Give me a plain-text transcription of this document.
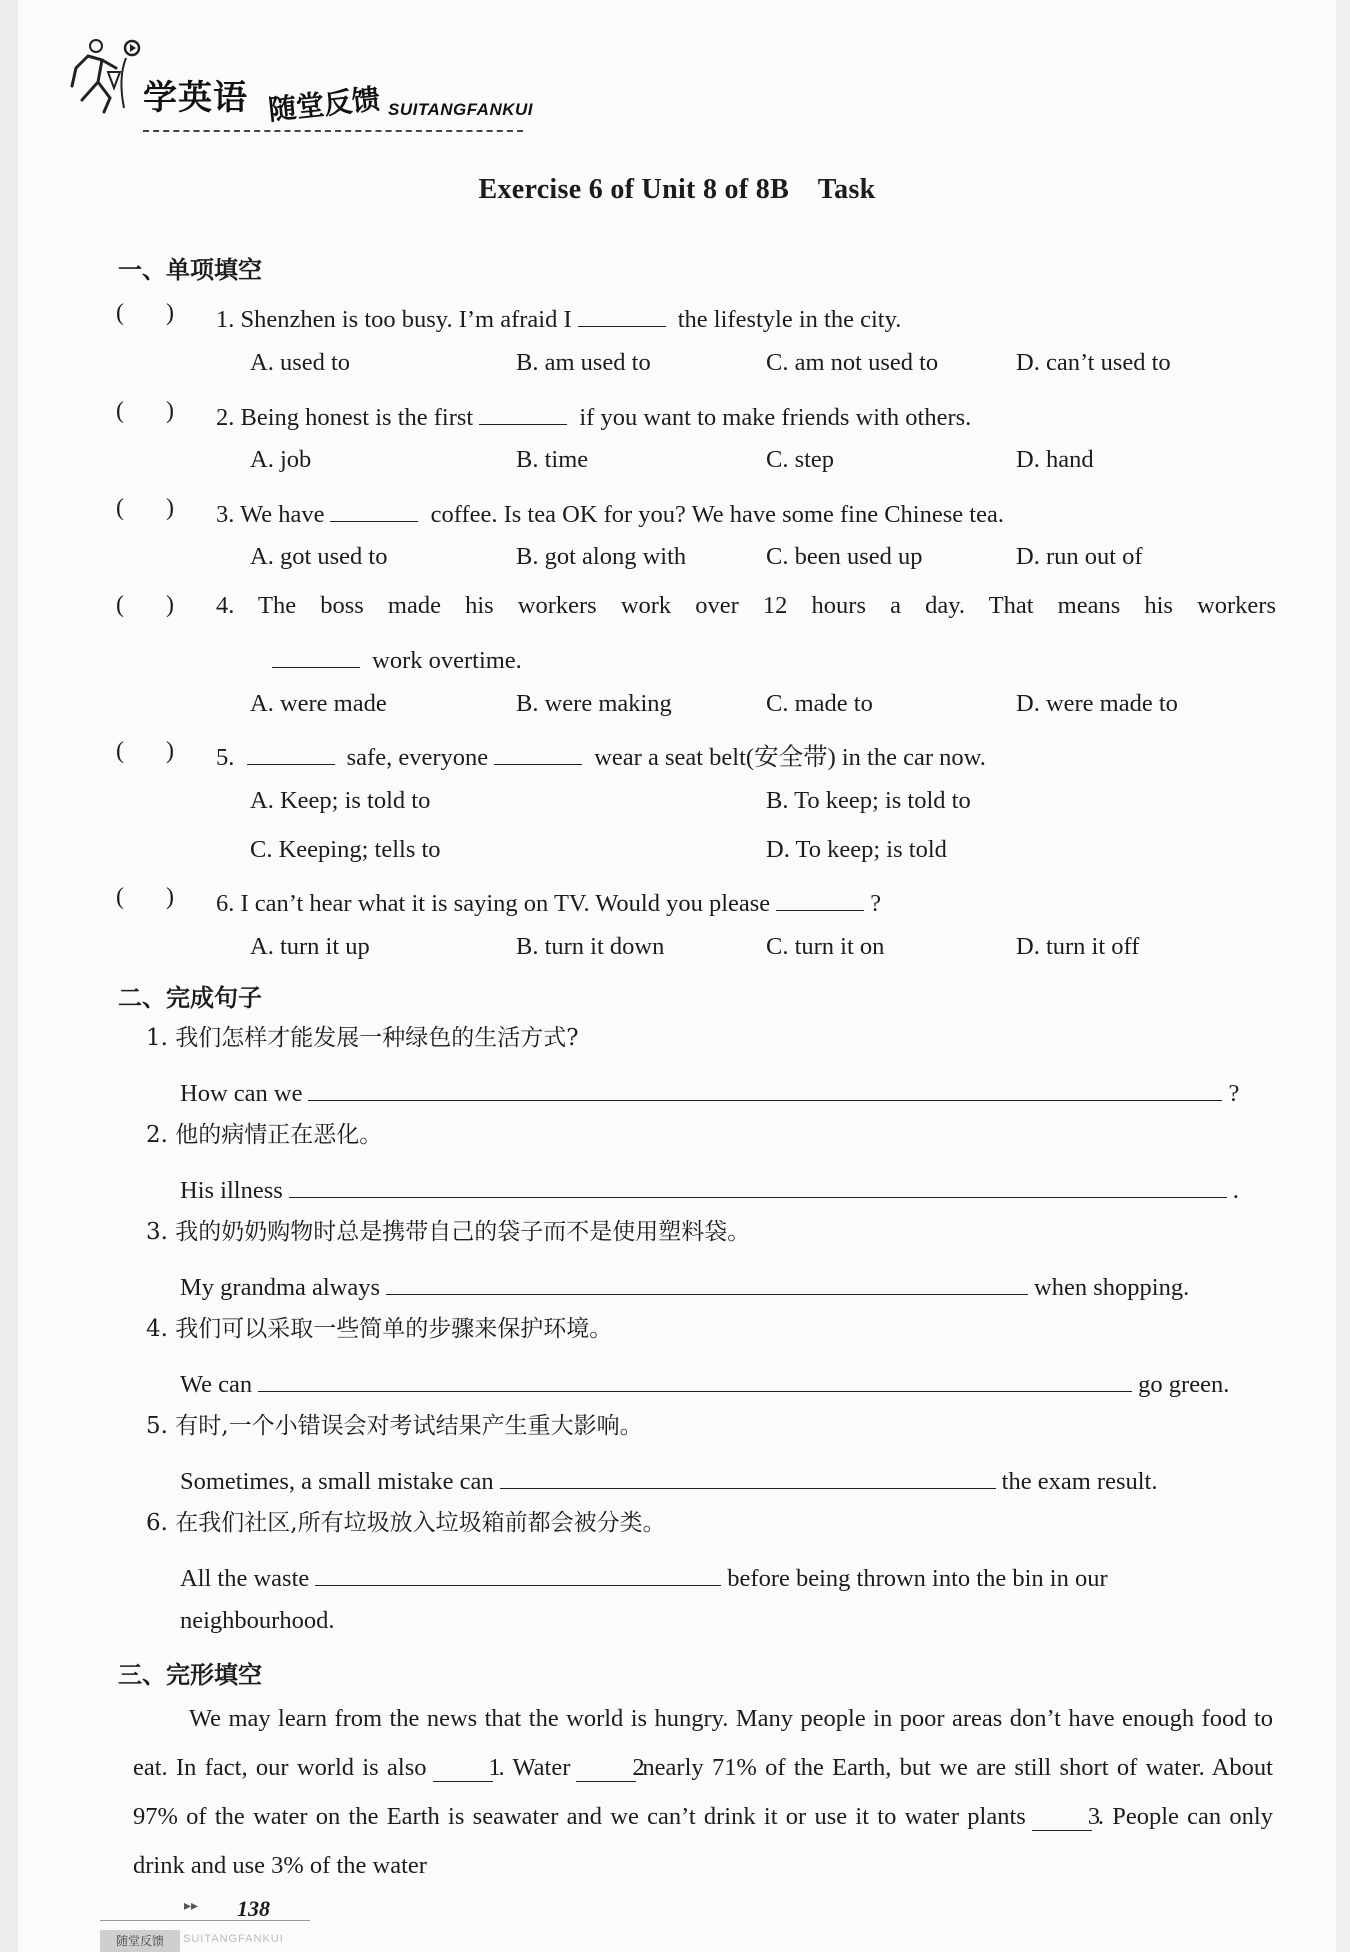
学英语 随堂反馈 SUITANGFANKUI
Exercise 6 of Unit 8 of 8B    Task
一、单项填空
(       ) 1. Shenzhen is too busy. I’m afraid I	the lifestyle in the city.
A. used to	B. am used to	C. am not used to	D. can’t used to
(       ) 2. Being honest is the first	if you want to make friends with others.
A. job	B. time	C. step	D. hand
(       ) 3. We have	coffee. Is tea OK for you? We have some fine Chinese tea.
A. got used to	B. got along with	C. been used up	D. run out of
(       ) 4. The boss made his workers work over 12 hours a day. That means his workers
work overtime.
A. were made	B. were making	C. made to	D. were made to
(       ) 5.	safe, everyone	wear a seat belt(安全带) in the car now.
A. Keep; is told to	B. To keep; is told to
C. Keeping; tells to	D. To keep; is told
(       ) 6. I can’t hear what it is saying on TV. Would you please	?
A. turn it up	B. turn it down	C. turn it on	D. turn it off
二、完成句子
1. 我们怎样才能发展一种绿色的生活方式?
How can we	?
2. 他的病情正在恶化。
His illness	.
3. 我的奶奶购物时总是携带自己的袋子而不是使用塑料袋。
My grandma always	when shopping.
4. 我们可以采取一些简单的步骤来保护环境。
We can	go green.
5. 有时,一个小错误会对考试结果产生重大影响。
Sometimes, a small mistake can	the exam result.
6. 在我们社区,所有垃圾放入垃圾箱前都会被分类。
All the waste	before being thrown into the bin in our
neighbourhood.
三、完形填空
We may learn from the news that the world is hungry. Many people in poor areas don’t have enough food to eat. In fact, our world is also	1. Water	2nearly 71% of the Earth, but we are still short of water. About 97% of the water on the Earth is seawater and we can’t drink it or use it to water plants	3. People can only drink and use 3% of the water
▸▸ 138
随堂反馈	SUITANGFANKUI
